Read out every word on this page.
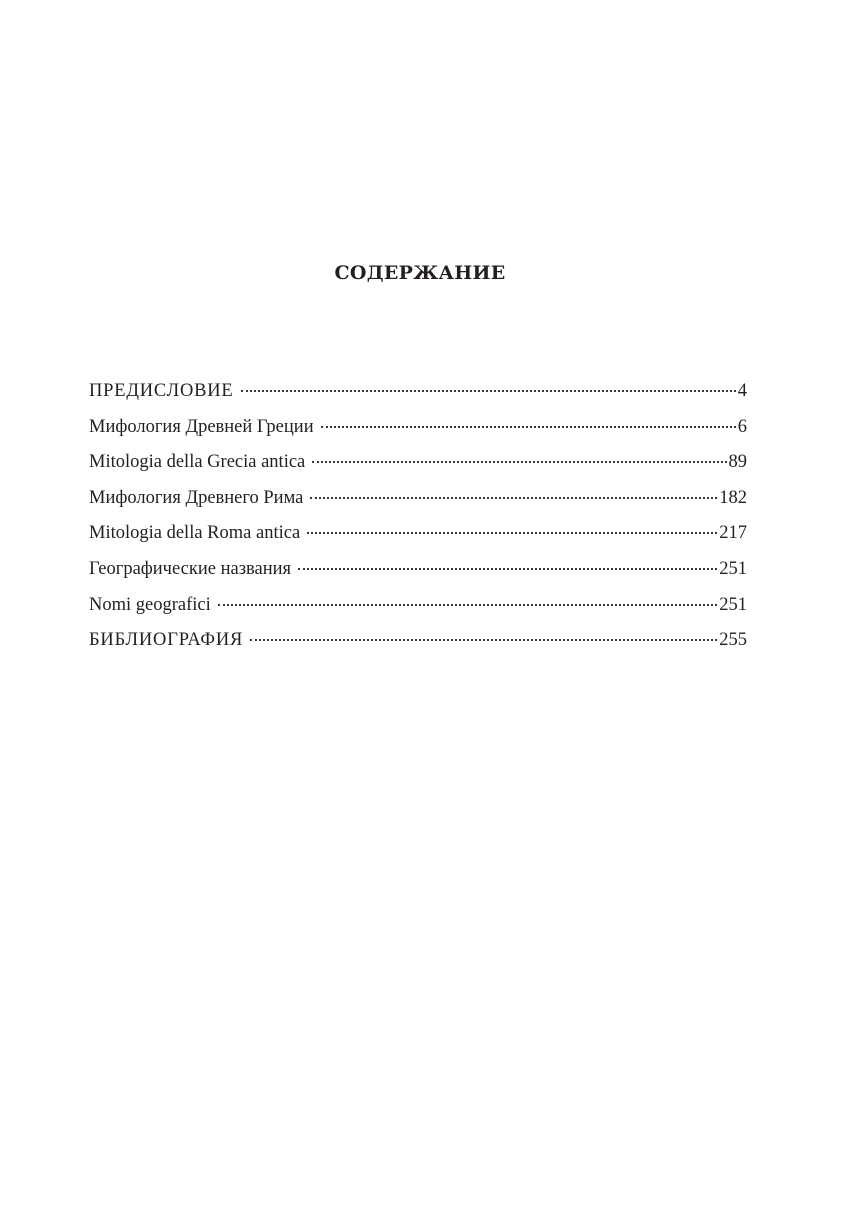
СОДЕРЖАНИЕ
ПРЕДИСЛОВИЕ	4
Мифология Древней Греции	6
Mitologia della Grecia antica	89
Мифология Древнего Рима	182
Mitologia della Roma antica	217
Географические названия	251
Nomi geografici	251
БИБЛИОГРАФИЯ	255
